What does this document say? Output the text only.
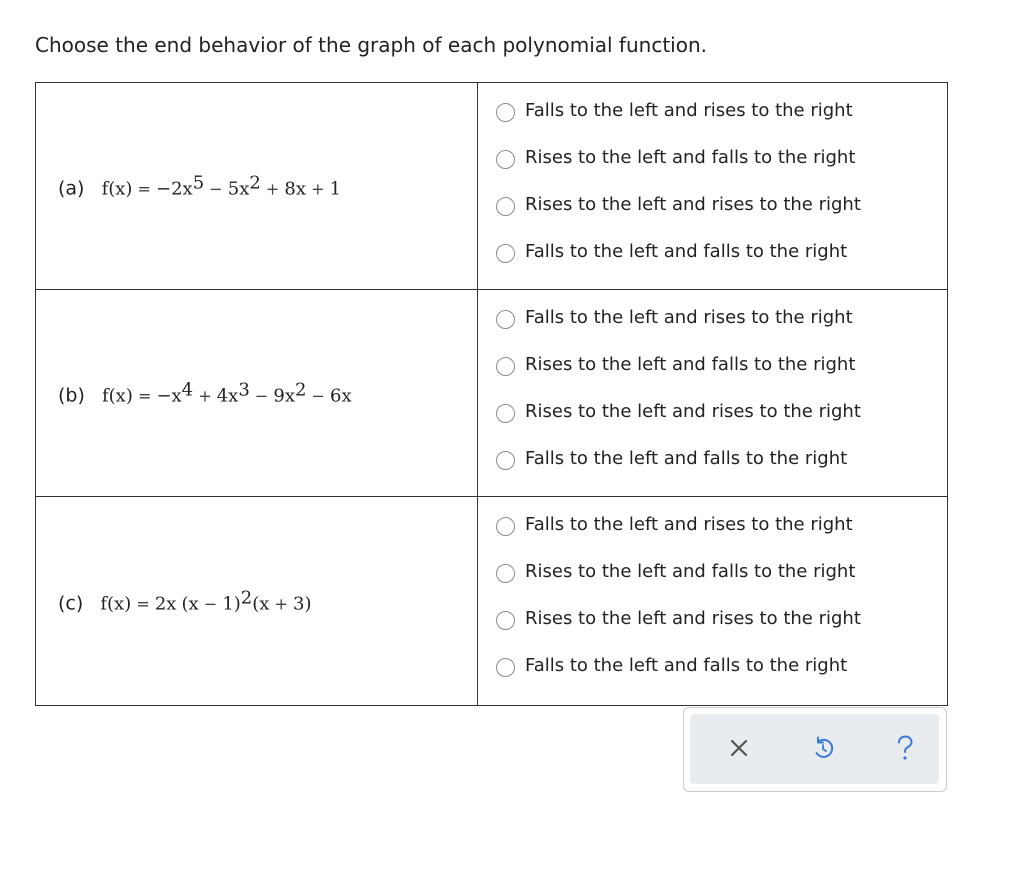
Choose the end behavior of the graph of each polynomial function.
(a) $f(x) = -2x^5 - 5x^2 + 8x + 1$
Falls to the left and rises to the right
Rises to the left and falls to the right
Rises to the left and rises to the right
Falls to the left and falls to the right
(b) $f(x) = -x^4 + 4x^3 - 9x^2 - 6x$
Falls to the left and rises to the right
Rises to the left and falls to the right
Rises to the left and rises to the right
Falls to the left and falls to the right
(c) f(x) = 2x $(x - 1)^2(x + 3)$
Falls to the left and rises to the right
Rises to the left and falls to the right
Rises to the left and rises to the right
Falls to the left and falls to the right
